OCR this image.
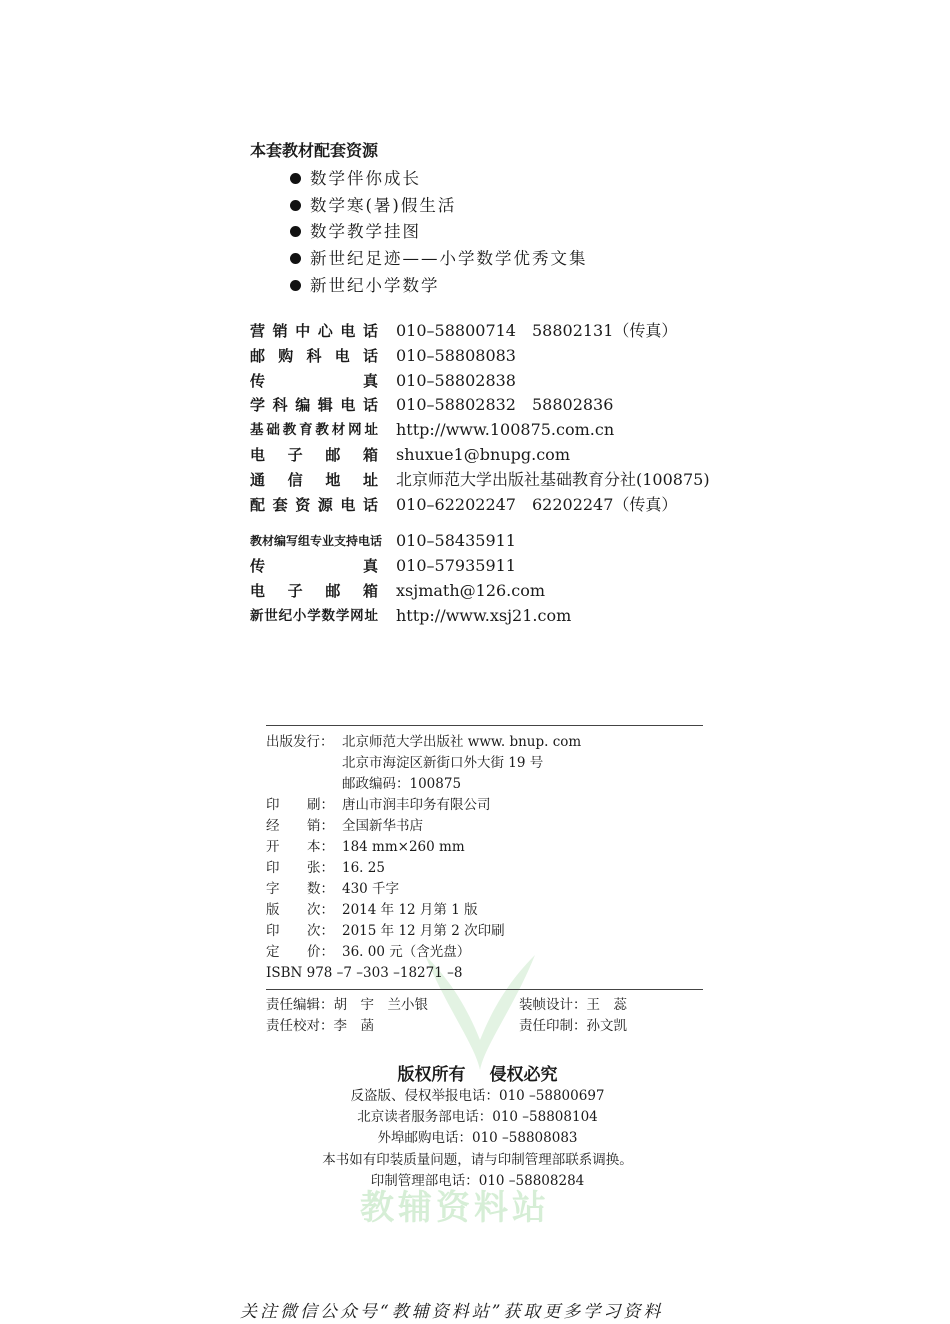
本套教材配套资源
数学伴你成长
数学寒(暑)假生活
数学教学挂图
新世纪足迹——小学数学优秀文集
新世纪小学数学
营销中心电话 010–58800714　58802131（传真）
邮购科电话 010–58808083
传真 010–58802838
学科编辑电话 010–58802832　58802836
基础教育教材网址 http://www.100875.com.cn
电子邮箱 shuxue1@bnupg.com
通信地址 北京师范大学出版社基础教育分社(100875)
配套资源电话 010–62202247　62202247（传真）
教材编写组专业支持电话 010–58435911
传真 010–57935911
电子邮箱 xsjmath@126.com
新世纪小学数学网址 http://www.xsj21.com
出版发行： 北京师范大学出版社 www. bnup. com
北京市海淀区新街口外大街 19 号
邮政编码：100875
印 刷： 唐山市润丰印务有限公司
经 销： 全国新华书店
开 本： 184 mm×260 mm
印 张： 16. 25
字 数： 430 千字
版 次： 2014 年 12 月第 1 版
印 次： 2015 年 12 月第 2 次印刷
定 价： 36. 00 元（含光盘）
ISBN 978 –7 –303 –18271 –8
责任编辑：胡　宇　兰小银	装帧设计：王　蕊
责任校对：李　菡	责任印制：孙文凯
版权所有 侵权必究
反盗版、侵权举报电话：010 –58800697
北京读者服务部电话：010 –58808104
外埠邮购电话：010 –58808083
本书如有印装质量问题，请与印制管理部联系调换。
印制管理部电话：010 –58808284
教辅资料站
关注微信公众号“教辅资料站”获取更多学习资料
